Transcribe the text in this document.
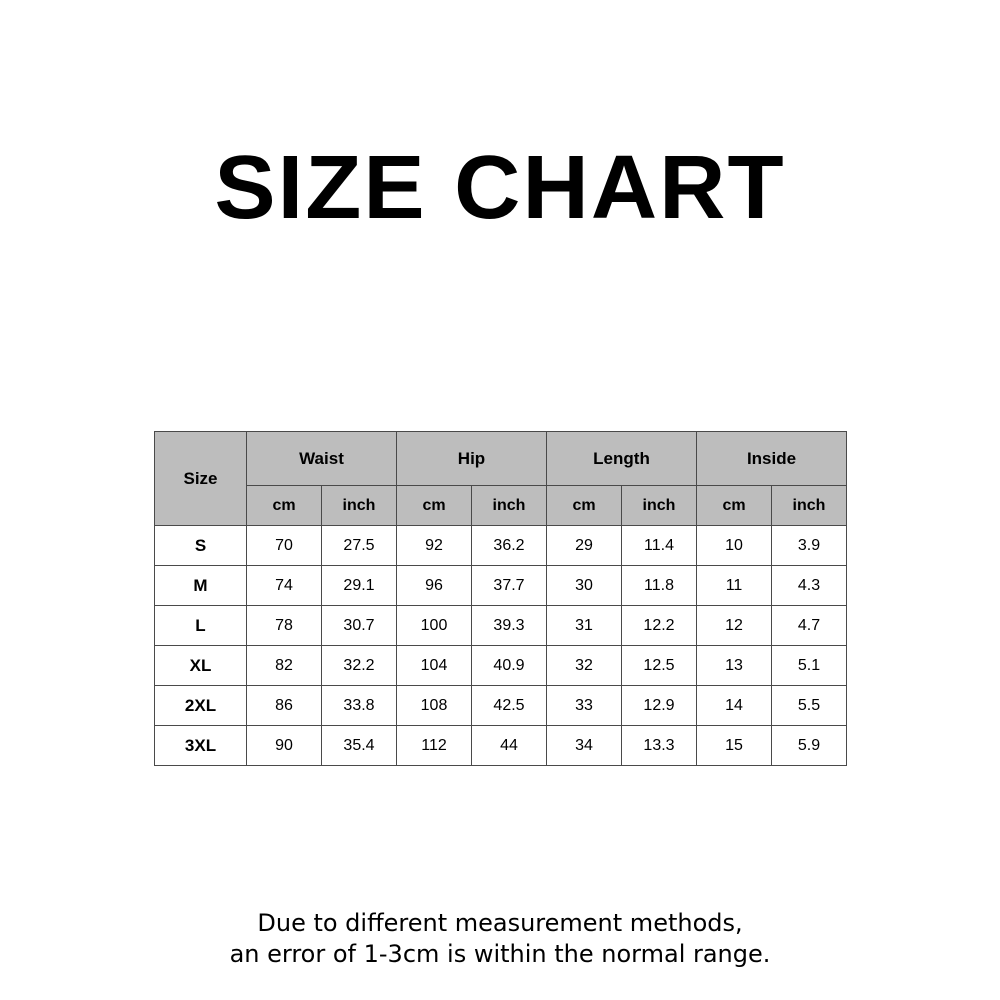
SIZE CHART
Size	Waist		Hip		Length		Inside	
	cm	inch	cm	inch	cm	inch	cm	inch
S	70	27.5	92	36.2	29	11.4	10	3.9
M	74	29.1	96	37.7	30	11.8	11	4.3
L	78	30.7	100	39.3	31	12.2	12	4.7
XL	82	32.2	104	40.9	32	12.5	13	5.1
2XL	86	33.8	108	42.5	33	12.9	14	5.5
3XL	90	35.4	112	44	34	13.3	15	5.9
Due to different measurement methods,
an error of 1-3cm is within the normal range.
